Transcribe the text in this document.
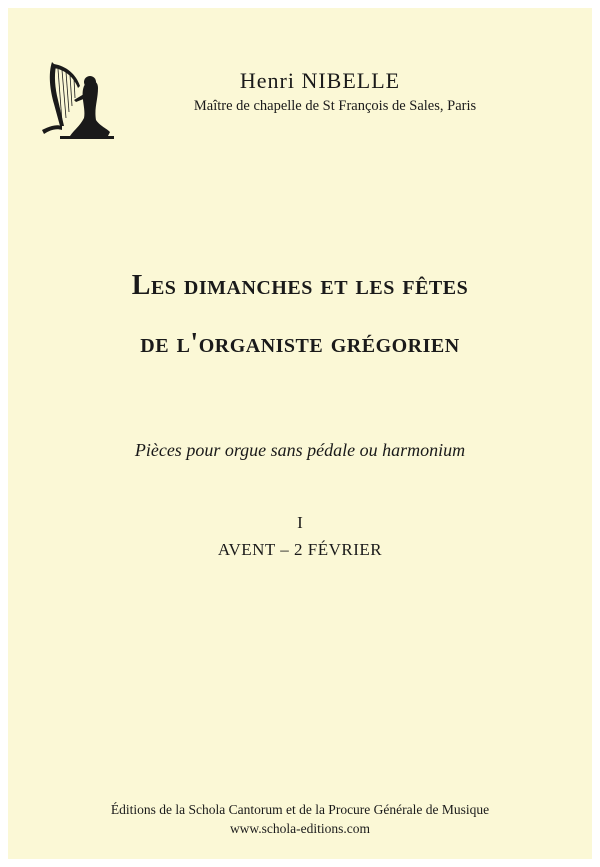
Henri NIBELLE
Maître de chapelle de St François de Sales, Paris
Les dimanches et les fêtes
de l'organiste grégorien
Pièces pour orgue sans pédale ou harmonium
I
AVENT – 2 FÉVRIER
Éditions de la Schola Cantorum et de la Procure Générale de Musique
www.schola-editions.com
